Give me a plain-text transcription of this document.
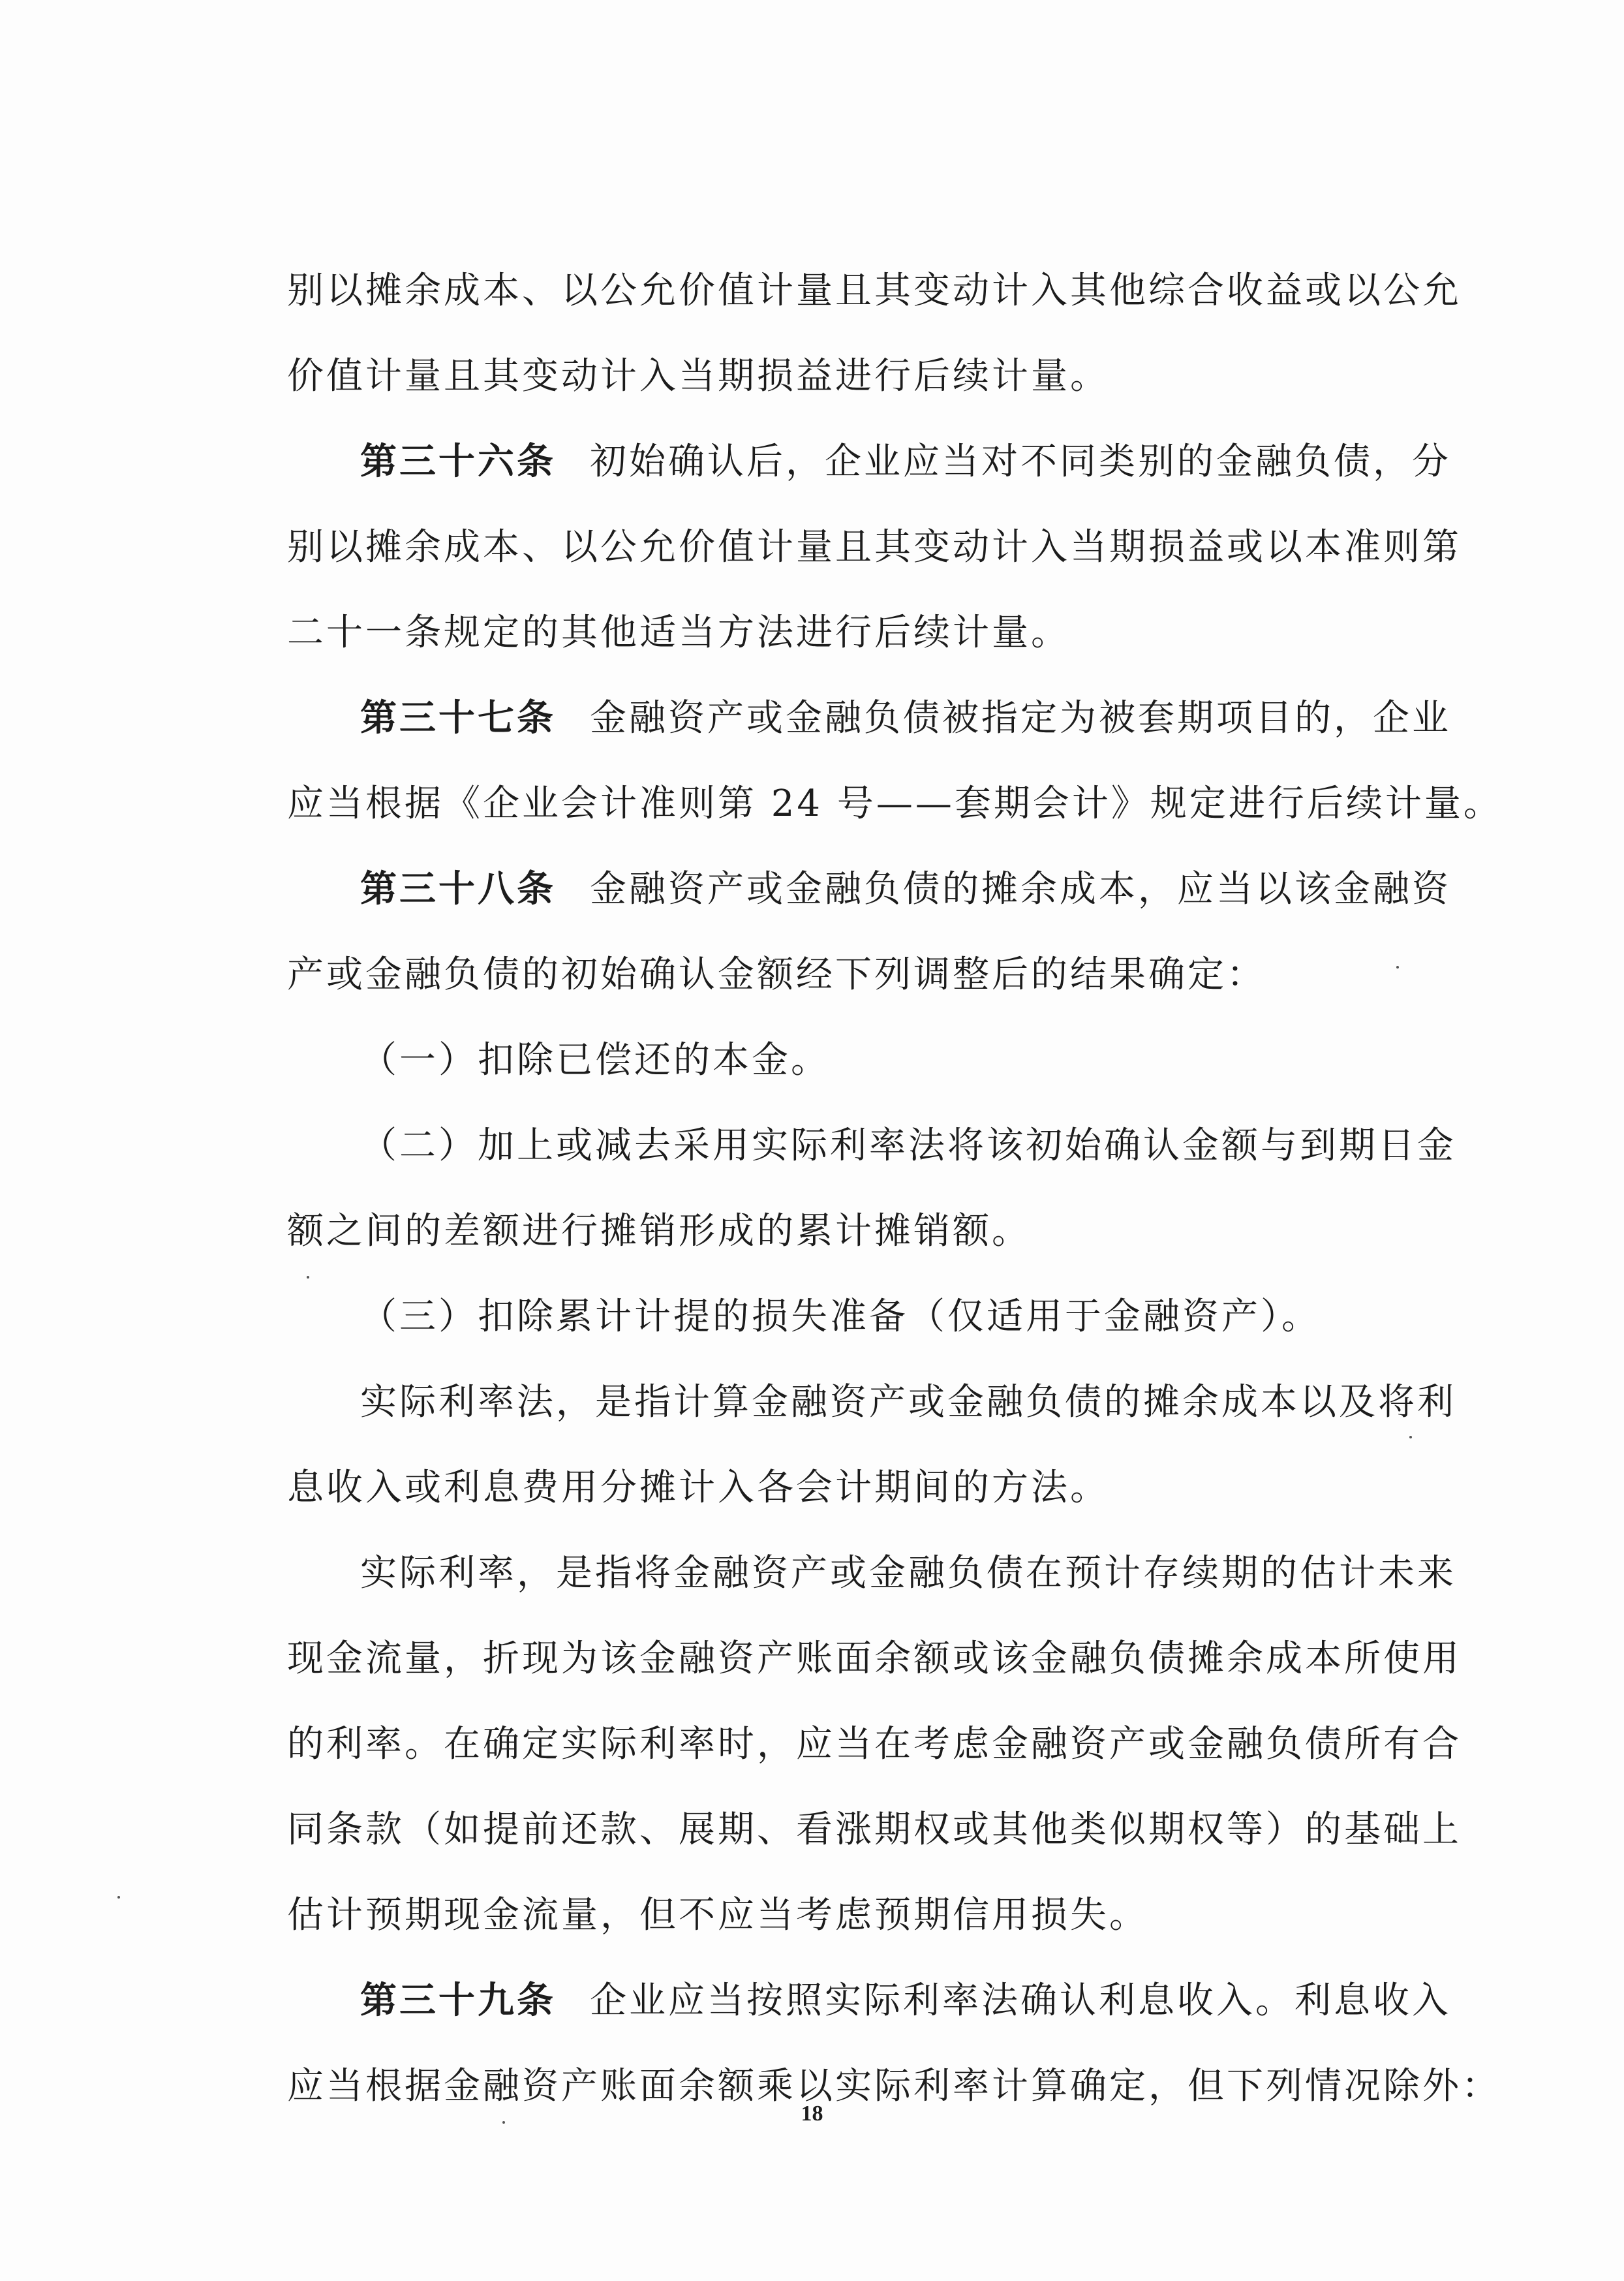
别以摊余成本、以公允价值计量且其变动计入其他综合收益或以公允
价值计量且其变动计入当期损益进行后续计量。
第三十六条 初始确认后，企业应当对不同类别的金融负债，分
别以摊余成本、以公允价值计量且其变动计入当期损益或以本准则第
二十一条规定的其他适当方法进行后续计量。
第三十七条 金融资产或金融负债被指定为被套期项目的，企业
应当根据《企业会计准则第 24 号——套期会计》规定进行后续计量。
第三十八条 金融资产或金融负债的摊余成本，应当以该金融资
产或金融负债的初始确认金额经下列调整后的结果确定：
（一）扣除已偿还的本金。
（二）加上或减去采用实际利率法将该初始确认金额与到期日金
额之间的差额进行摊销形成的累计摊销额。
（三）扣除累计计提的损失准备（仅适用于金融资产）。
实际利率法，是指计算金融资产或金融负债的摊余成本以及将利
息收入或利息费用分摊计入各会计期间的方法。
实际利率，是指将金融资产或金融负债在预计存续期的估计未来
现金流量，折现为该金融资产账面余额或该金融负债摊余成本所使用
的利率。在确定实际利率时，应当在考虑金融资产或金融负债所有合
同条款（如提前还款、展期、看涨期权或其他类似期权等）的基础上
估计预期现金流量，但不应当考虑预期信用损失。
第三十九条 企业应当按照实际利率法确认利息收入。利息收入
应当根据金融资产账面余额乘以实际利率计算确定，但下列情况除外：
18
